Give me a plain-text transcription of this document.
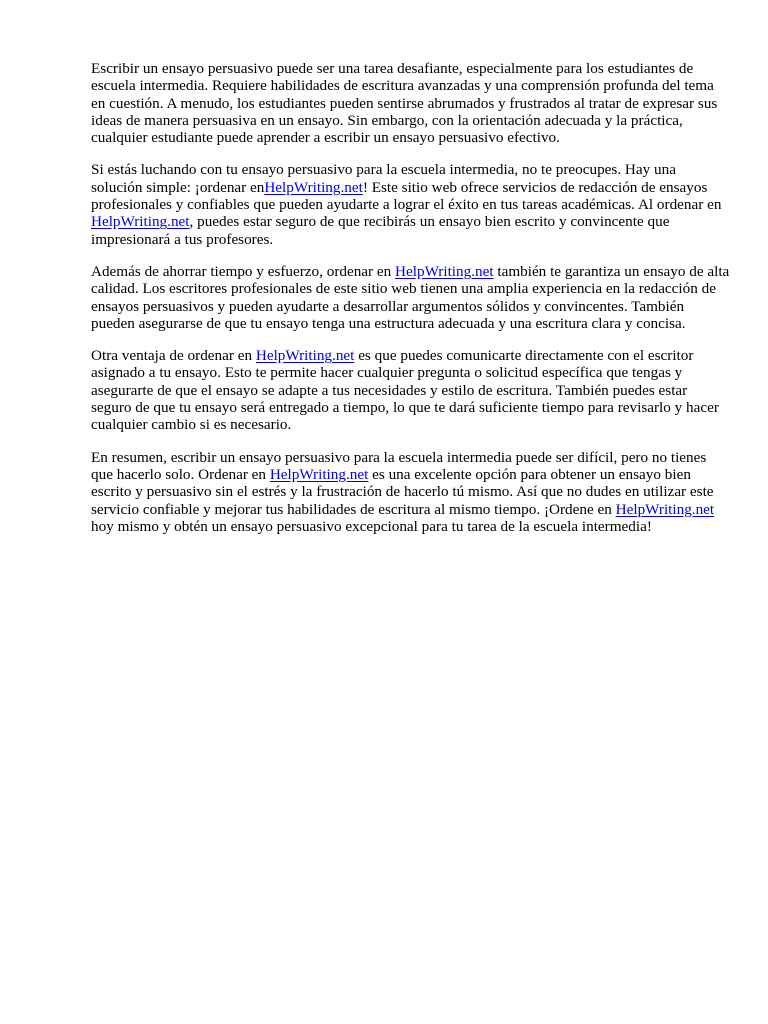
Escribir un ensayo persuasivo puede ser una tarea desafiante, especialmente para los estudiantes de escuela intermedia. Requiere habilidades de escritura avanzadas y una comprensión profunda del tema en cuestión. A menudo, los estudiantes pueden sentirse abrumados y frustrados al tratar de expresar sus ideas de manera persuasiva en un ensayo. Sin embargo, con la orientación adecuada y la práctica, cualquier estudiante puede aprender a escribir un ensayo persuasivo efectivo.

Si estás luchando con tu ensayo persuasivo para la escuela intermedia, no te preocupes. Hay una solución simple: ¡ordenar enHelpWriting.net! Este sitio web ofrece servicios de redacción de ensayos profesionales y confiables que pueden ayudarte a lograr el éxito en tus tareas académicas. Al ordenar en HelpWriting.net, puedes estar seguro de que recibirás un ensayo bien escrito y convincente que impresionará a tus profesores.

Además de ahorrar tiempo y esfuerzo, ordenar en HelpWriting.net también te garantiza un ensayo de alta calidad. Los escritores profesionales de este sitio web tienen una amplia experiencia en la redacción de ensayos persuasivos y pueden ayudarte a desarrollar argumentos sólidos y convincentes. También pueden asegurarse de que tu ensayo tenga una estructura adecuada y una escritura clara y concisa.

Otra ventaja de ordenar en HelpWriting.net es que puedes comunicarte directamente con el escritor asignado a tu ensayo. Esto te permite hacer cualquier pregunta o solicitud específica que tengas y asegurarte de que el ensayo se adapte a tus necesidades y estilo de escritura. También puedes estar seguro de que tu ensayo será entregado a tiempo, lo que te dará suficiente tiempo para revisarlo y hacer cualquier cambio si es necesario.

En resumen, escribir un ensayo persuasivo para la escuela intermedia puede ser difícil, pero no tienes que hacerlo solo. Ordenar en HelpWriting.net es una excelente opción para obtener un ensayo bien escrito y persuasivo sin el estrés y la frustración de hacerlo tú mismo. Así que no dudes en utilizar este servicio confiable y mejorar tus habilidades de escritura al mismo tiempo. ¡Ordene en HelpWriting.net hoy mismo y obtén un ensayo persuasivo excepcional para tu tarea de la escuela intermedia!
